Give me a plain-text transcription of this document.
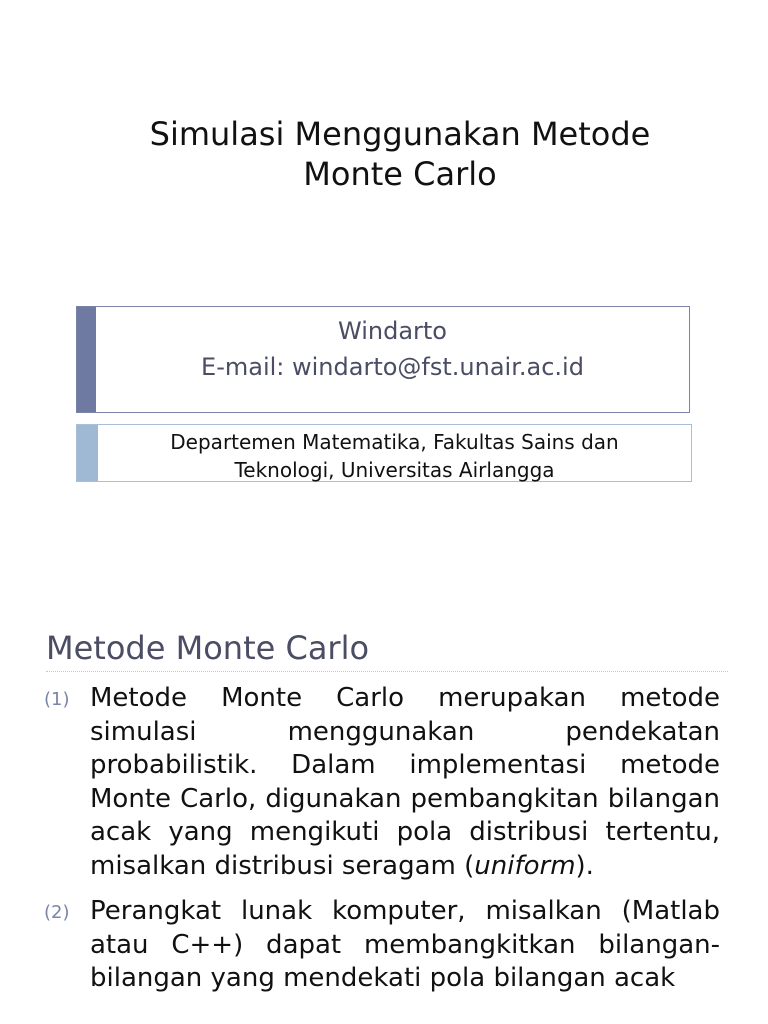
Simulasi Menggunakan Metode
Monte Carlo
Windarto
E-mail: windarto@fst.unair.ac.id
Departemen Matematika, Fakultas Sains dan
Teknologi, Universitas Airlangga
Metode Monte Carlo
(1) Metode Monte Carlo merupakan metode simulasi menggunakan pendekatan probabilistik. Dalam implementasi metode Monte Carlo, digunakan pembangkitan bilangan acak yang mengikuti pola distribusi tertentu, misalkan distribusi seragam (uniform).
(2) Perangkat lunak komputer, misalkan (Matlab atau C++) dapat membangkitkan bilangan-bilangan yang mendekati pola bilangan acak
